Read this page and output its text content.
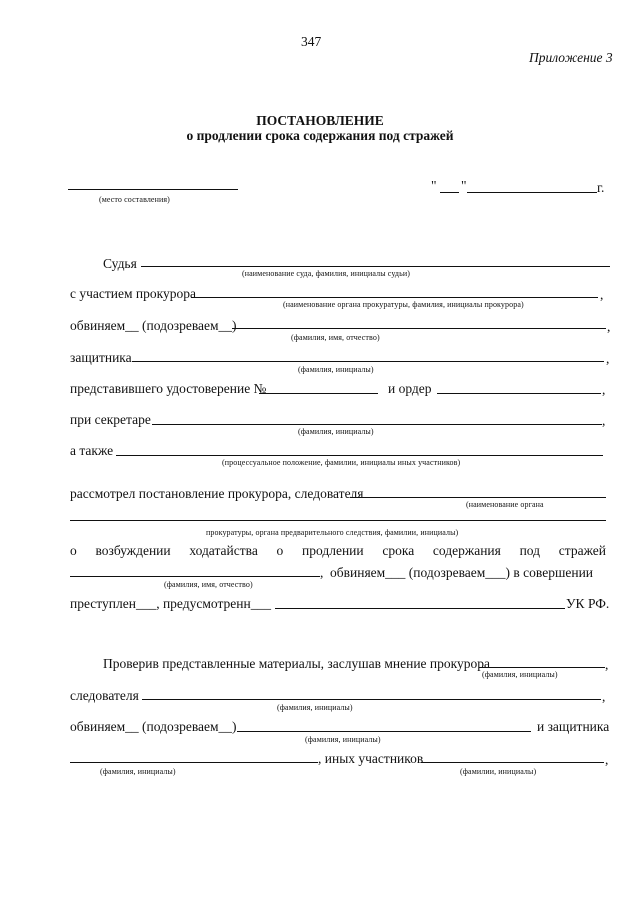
347
Приложение 3
ПОСТАНОВЛЕНИЕ
о продлении срока содержания под стражей
(место составления)
" "	г.
Судья
(наименование суда, фамилия, инициалы судьи)
с участием прокурора	,
(наименование органа прокуратуры, фамилия, инициалы прокурора)
обвиняем__ (подозреваем__)	,
(фамилия, имя, отчество)
защитника	,
(фамилия, инициалы)
представившего удостоверение №	и ордер	,
при секретаре	,
(фамилия, инициалы)
а также
(процессуальное положение, фамилии, инициалы иных участников)
рассмотрел постановление прокурора, следователя
(наименование органа
прокуратуры, органа предварительного следствия, фамилии, инициалы)
о возбуждении ходатайства о продлении срока содержания под стражей
, обвиняем___ (подозреваем___) в совершении
(фамилия, имя, отчество)
преступлен___, предусмотренн___	УК РФ.
Проверив представленные материалы, заслушав мнение прокурора	,
(фамилия, инициалы)
следователя	,
(фамилия, инициалы)
обвиняем__ (подозреваем__)	и защитника
(фамилия, инициалы)
, иных участников	,
(фамилия, инициалы)	(фамилии, инициалы)
